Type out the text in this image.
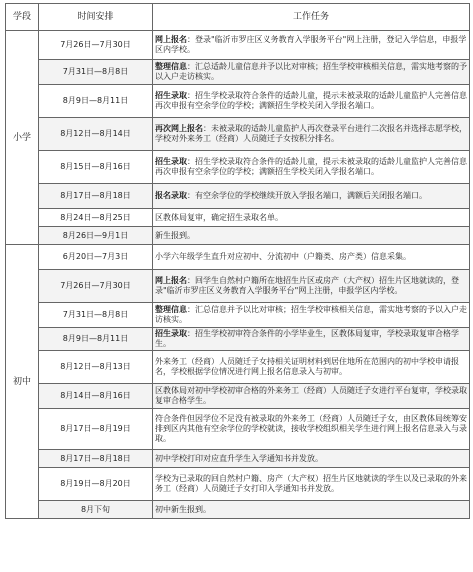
学段	时间安排	工作任务
小学	7月26日—7月30日	网上报名：登录"临沂市罗庄区义务教育入学服务平台"网上注册，登记入学信息，申报学区内学校。
	7月31日—8月8日	整理信息：汇总适龄儿童信息并予以比对审核；招生学校审核相关信息，需实地考察的予以入户走访核实。
	8月9日—8月11日	招生录取：招生学校录取符合条件的适龄儿童，提示未被录取的适龄儿童监护人完善信息再次申报有空余学位的学校；满额招生学校关闭入学报名端口。
	8月12日—8月14日	再次网上报名：未被录取的适龄儿童监护人再次登录平台进行二次报名并选择志愿学校，学校对外来务工（经商）人员随迁子女按积分排名。
	8月15日—8月16日	招生录取：招生学校录取符合条件的适龄儿童，提示未被录取的适龄儿童监护人完善信息再次申报有空余学位的学校；满额招生学校关闭入学报名端口。
	8月17日—8月18日	报名录取：有空余学位的学校继续开放入学报名端口，满额后关闭报名端口。
	8月24日—8月25日	区教体局复审，确定招生录取名单。
	8月26日—9月1日	新生报到。
初中	6月20日—7月3日	小学六年级学生直升对应初中、分流初中（户籍类、房产类）信息采集。
	7月26日—7月30日	网上报名：回学生自然村户籍所在地招生片区或房产（大产权）招生片区地就读的，登录"临沂市罗庄区义务教育入学服务平台"网上注册，申报学区内学校。
	7月31日—8月8日	整理信息：汇总信息并予以比对审核；招生学校审核相关信息，需实地考察的予以入户走访核实。
	8月9日—8月11日	招生录取：招生学校初审符合条件的小学毕业生，区教体局复审，学校录取复审合格学生。
	8月12日—8月13日	外来务工（经商）人员随迁子女持相关证明材料到居住地所在范围内的初中学校申请报名，学校根据学位情况进行网上报名信息录入与初审。
	8月14日—8月16日	区教体局对初中学校初审合格的外来务工（经商）人员随迁子女进行平台复审，学校录取复审合格学生。
	8月17日—8月19日	符合条件但因学位不足没有被录取的外来务工（经商）人员随迁子女，由区教体局统筹安排到区内其他有空余学位的学校就读，接收学校组织相关学生进行网上报名信息录入与录取。
	8月17日—8月18日	初中学校打印对应直升学生入学通知书并发放。
	8月19日—8月20日	学校为已录取的回自然村户籍、房产（大产权）招生片区地就读的学生以及已录取的外来务工（经商）人员随迁子女打印入学通知书并发放。
	8月下旬	初中新生报到。
